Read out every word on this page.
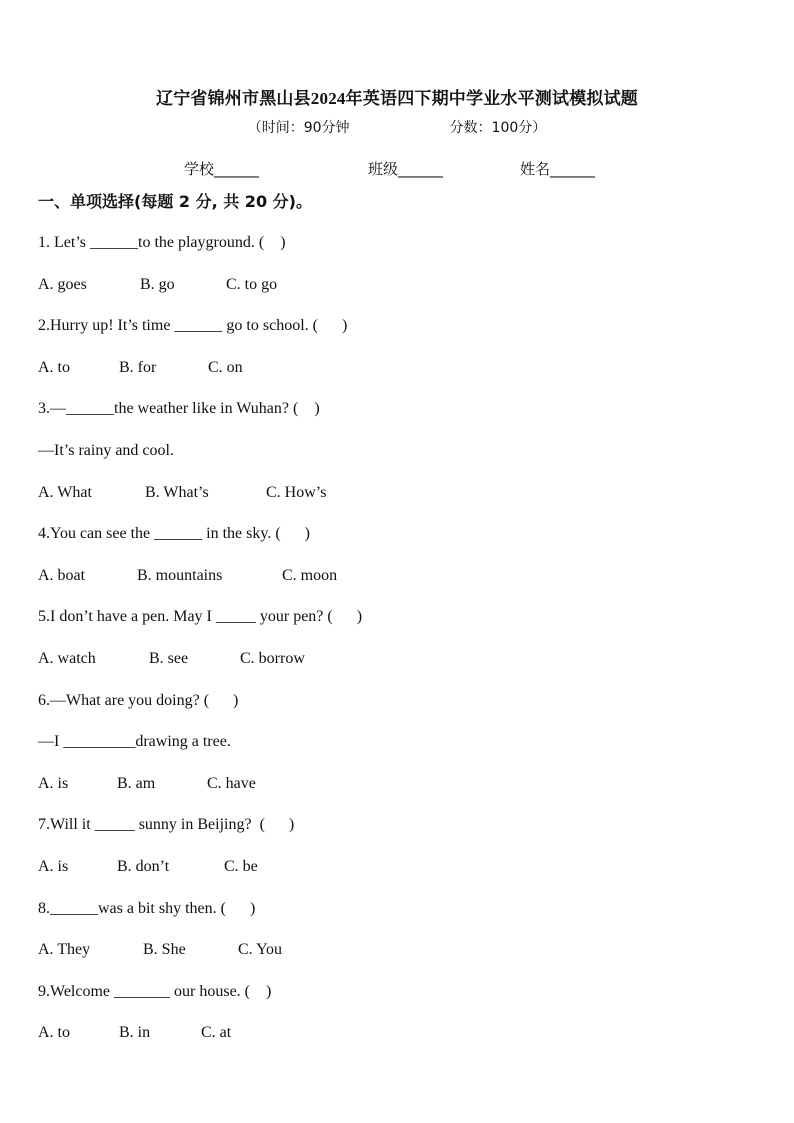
辽宁省锦州市黑山县2024年英语四下期中学业水平测试模拟试题
（时间：90分钟	分数：100分）
学校______	班级______	姓名______
一、单项选择(每题 2 分, 共 20 分)。
1. Let’s ______to the playground. (    )
A. goes	B. go	C. to go
2.Hurry up! It’s time ______ go to school. (      )
A. to	B. for	C. on
3.—______the weather like in Wuhan? (    )
—It’s rainy and cool.
A. What	B. What’s	C. How’s
4.You can see the ______ in the sky. (      )
A. boat	B. mountains	C. moon
5.I don’t have a pen. May I _____ your pen? (      )
A. watch	B. see	C. borrow
6.—What are you doing? (      )
—I _________drawing a tree.
A. is	B. am	C. have
7.Will it _____ sunny in Beijing?  (      )
A. is	B. don’t	C. be
8.______was a bit shy then. (      )
A. They	B. She	C. You
9.Welcome _______ our house. (    )
A. to	B. in	C. at
